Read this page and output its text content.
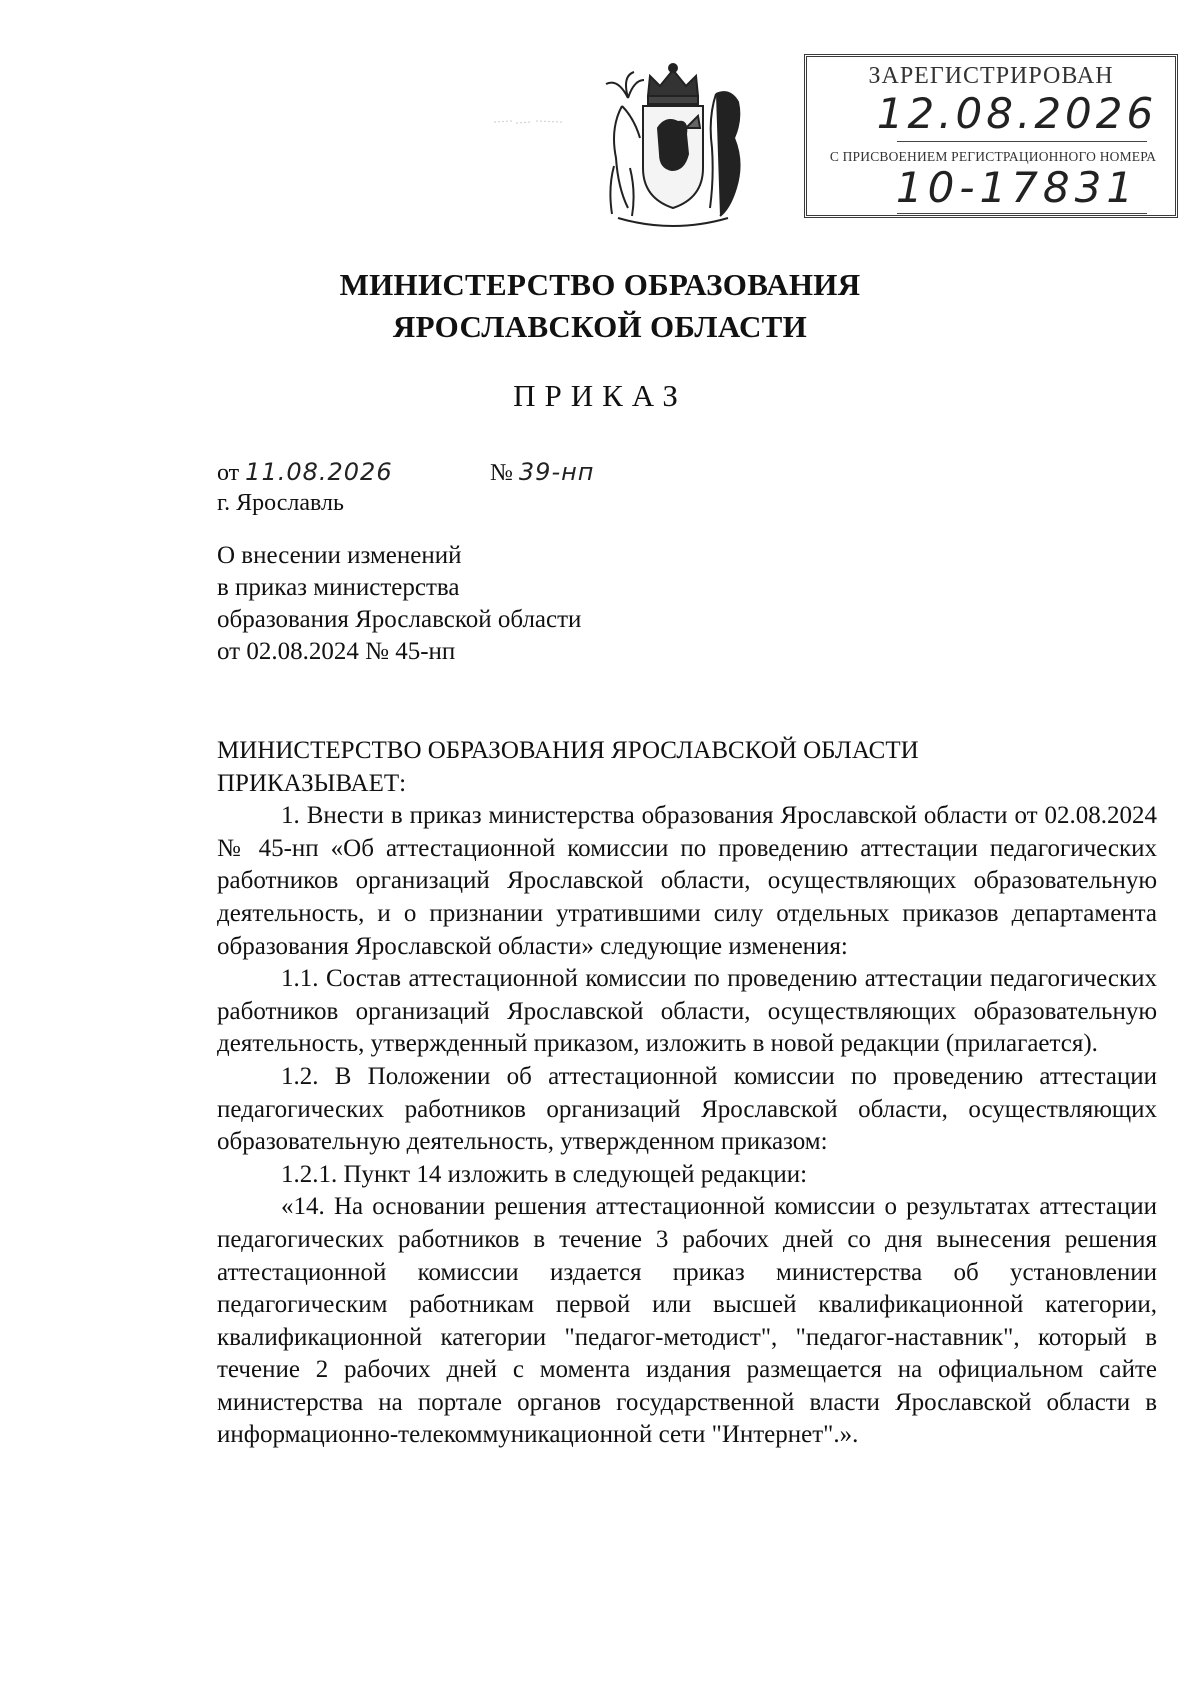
ЗАРЕГИСТРИРОВАН
12.08.2026
С ПРИСВОЕНИЕМ РЕГИСТРАЦИОННОГО НОМЕРА
10-17831
МИНИСТЕРСТВО ОБРАЗОВАНИЯ
ЯРОСЛАВСКОЙ ОБЛАСТИ
ПРИКАЗ
от 11.08.2026	№ 39-нп
г. Ярославль
О внесении изменений
в приказ министерства
образования Ярославской области
от 02.08.2024 № 45-нп

МИНИСТЕРСТВО ОБРАЗОВАНИЯ ЯРОСЛАВСКОЙ ОБЛАСТИ

ПРИКАЗЫВАЕТ:

1. Внести в приказ министерства образования Ярославской области от 02.08.2024 № 45-нп «Об аттестационной комиссии по проведению аттестации педагогических работников организаций Ярославской области, осуществляющих образовательную деятельность, и о признании утратившими силу отдельных приказов департамента образования Ярославской области» следующие изменения:

1.1. Состав аттестационной комиссии по проведению аттестации педагогических работников организаций Ярославской области, осуществляющих образовательную деятельность, утвержденный приказом, изложить в новой редакции (прилагается).

1.2. В Положении об аттестационной комиссии по проведению аттестации педагогических работников организаций Ярославской области, осуществляющих образовательную деятельность, утвержденном приказом:

1.2.1. Пункт 14 изложить в следующей редакции:

«14. На основании решения аттестационной комиссии о результатах аттестации педагогических работников в течение 3 рабочих дней со дня вынесения решения аттестационной комиссии издается приказ министерства об установлении педагогическим работникам первой или высшей квалификационной категории, квалификационной категории "педагог-методист", "педагог-наставник", который в течение 2 рабочих дней с момента издания размещается на официальном сайте министерства на портале органов государственной власти Ярославской области в информационно-телекоммуникационной сети "Интернет".».
